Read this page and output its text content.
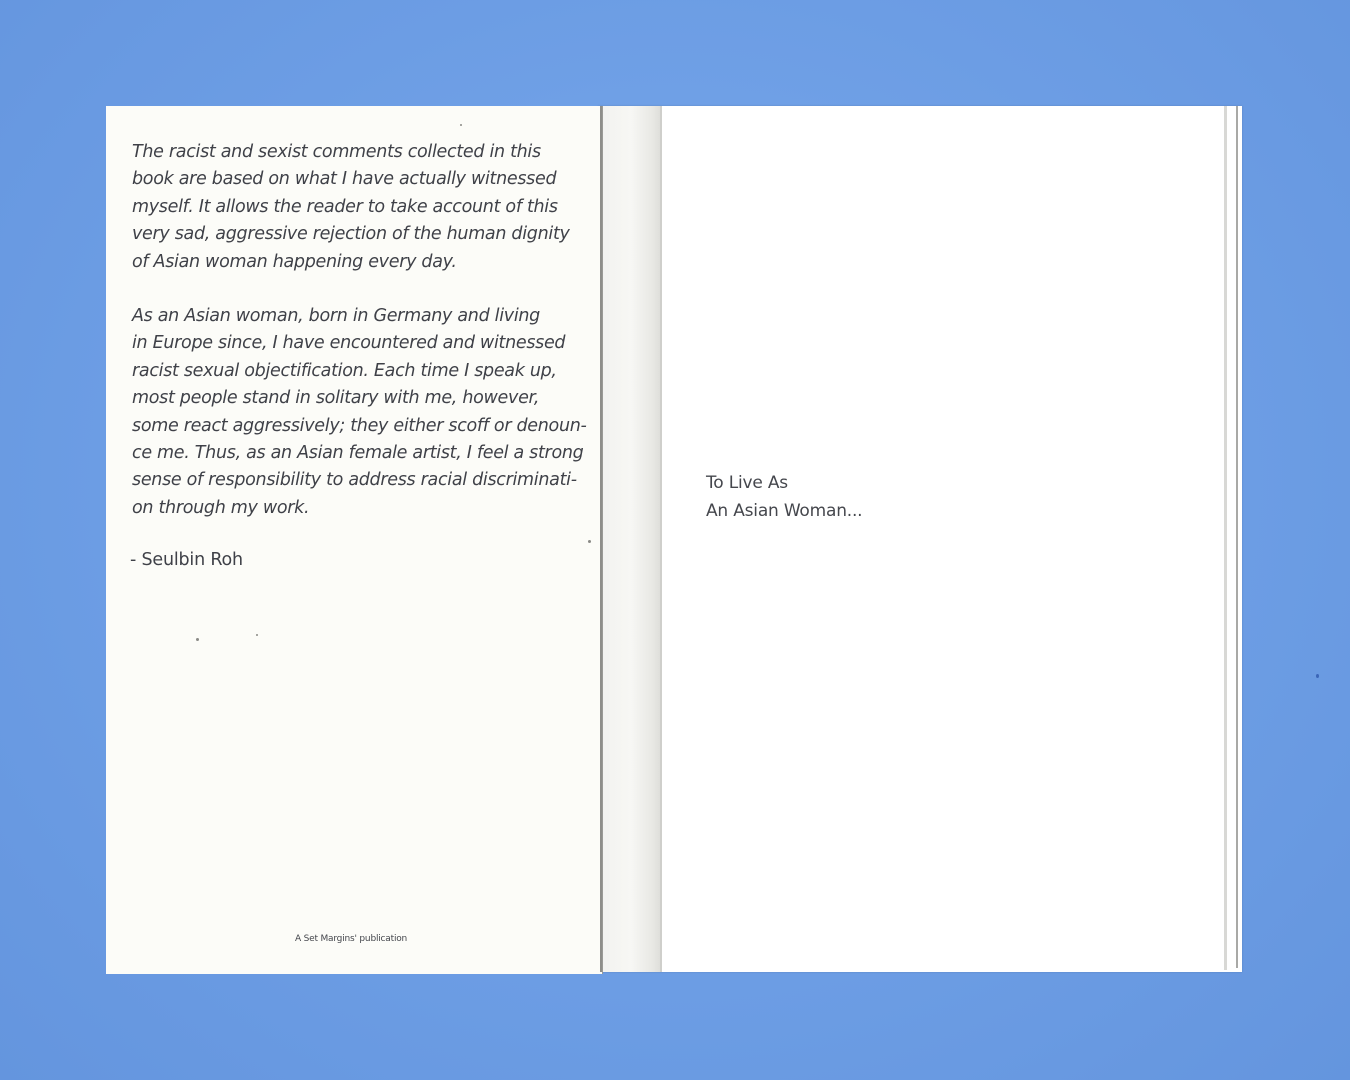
To Live As
An Asian Woman...

The racist and sexist comments collected in this
book are based on what I have actually witnessed
myself. It allows the reader to take account of this
very sad, aggressive rejection of the human dignity
of Asian woman happening every day.

As an Asian woman, born in Germany and living
in Europe since, I have encountered and witnessed
racist sexual objectification. Each time I speak up,
most people stand in solitary with me, however,
some react aggressively; they either scoff or denoun-
ce me. Thus, as an Asian female artist, I feel a strong
sense of responsibility to address racial discriminati-
on through my work.

- Seulbin Roh
A Set Margins' publication
